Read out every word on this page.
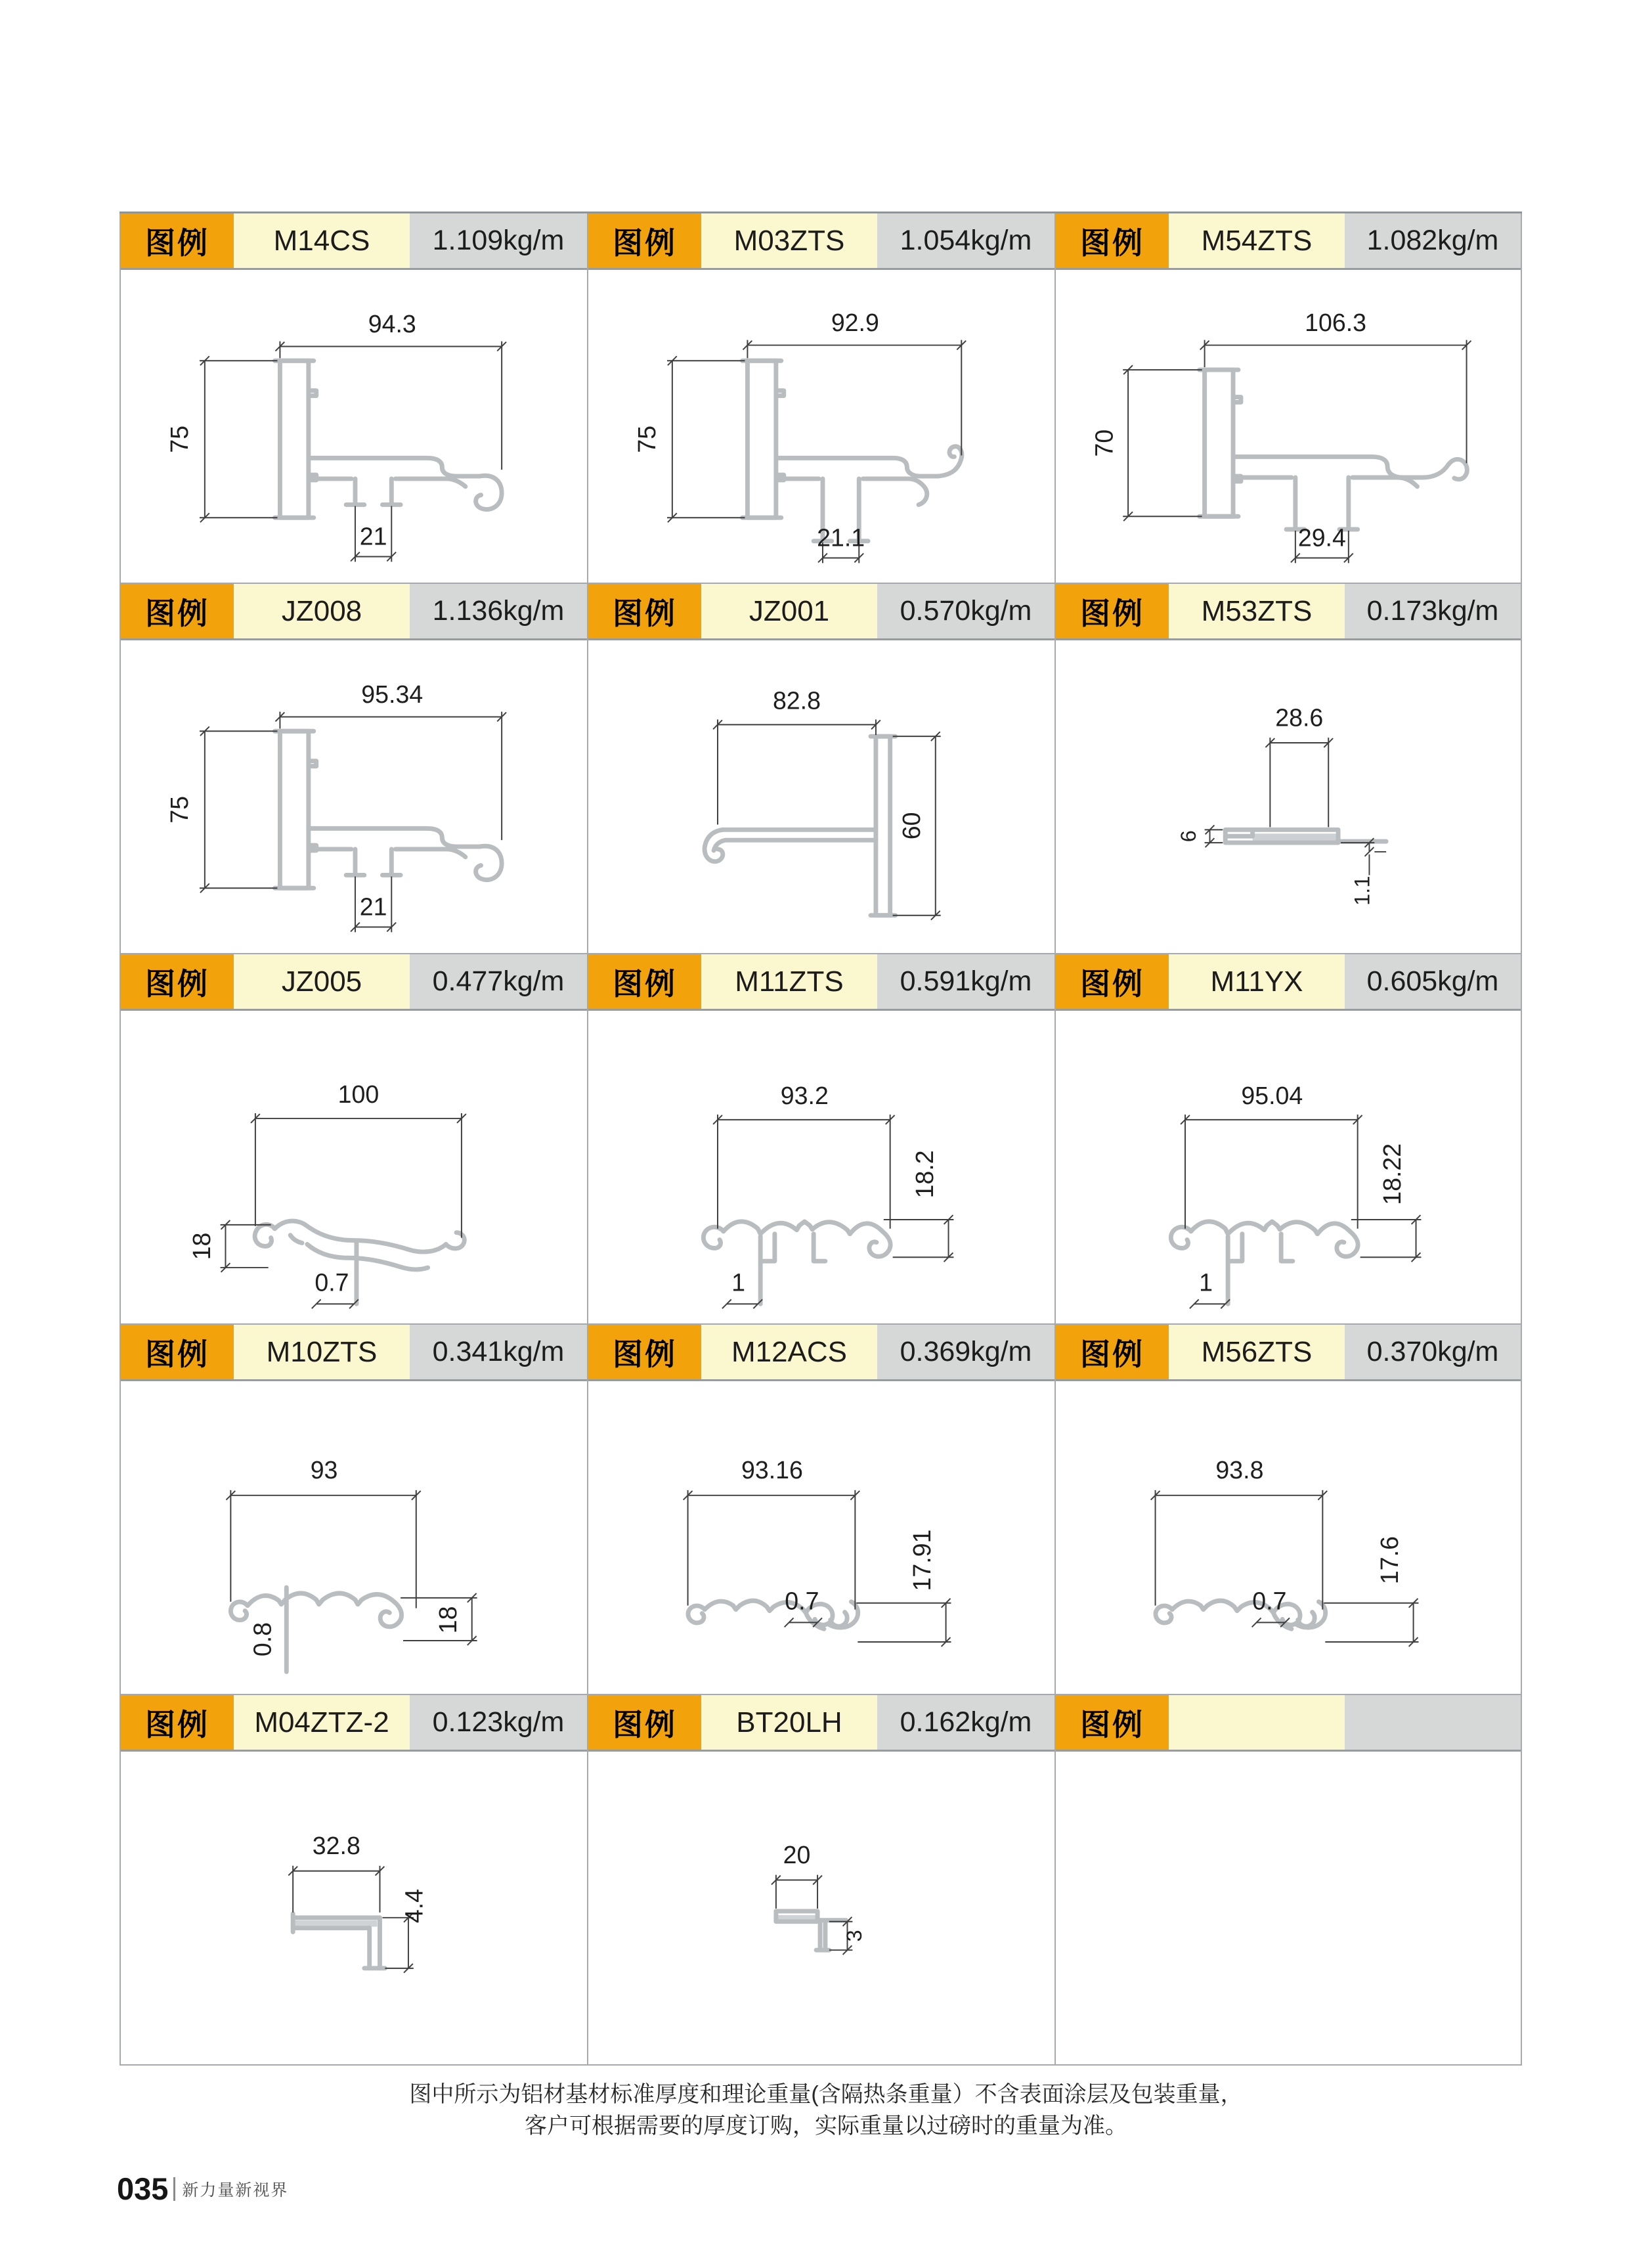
图例	M14CS	1.109kg/m
94.3
75
21
图例	M03ZTS	1.054kg/m
92.9
75
21.1
图例	M54ZTS	1.082kg/m
106.3
70
29.4
图例	JZ008	1.136kg/m
95.34
75
21
图例	JZ001	0.570kg/m
82.8
60
图例	M53ZTS	0.173kg/m
28.6
6
1.1
图例	JZ005	0.477kg/m
100
18
0.7
图例	M11ZTS	0.591kg/m
93.2
18.2
1
图例	M11YX	0.605kg/m
95.04
18.22
1
图例	M10ZTS	0.341kg/m
93
0.8
18
图例	M12ACS	0.369kg/m
93.16
17.91
0.7
图例	M56ZTS	0.370kg/m
93.8
17.6
0.7
图例	M04ZTZ-2	0.123kg/m
32.8
4.4
图例	BT20LH	0.162kg/m
20
3
图例
图中所示为铝材基材标准厚度和理论重量(含隔热条重量）不含表面涂层及包装重量，
客户可根据需要的厚度订购，实际重量以过磅时的重量为准。
035 新力量新视界
